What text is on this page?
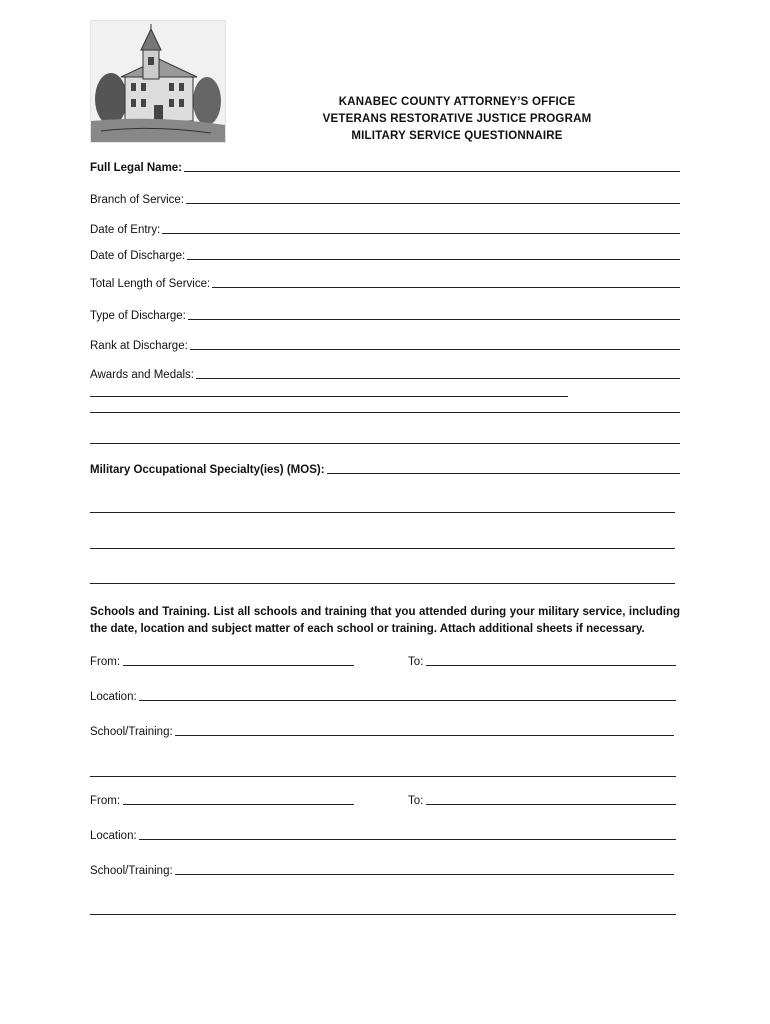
KANABEC COUNTY ATTORNEY’S OFFICE
VETERANS RESTORATIVE JUSTICE PROGRAM
MILITARY SERVICE QUESTIONNAIRE
Full Legal Name:
Branch of Service:
Date of Entry:
Date of Discharge:
Total Length of Service:
Type of Discharge:
Rank at Discharge:
Awards and Medals:
Military Occupational Specialty(ies) (MOS):
Schools and Training. List all schools and training that you attended during your military service, including the date, location and subject matter of each school or training. Attach additional sheets if necessary.
From:	To:
Location:
School/Training:
From:	To:
Location:
School/Training:
